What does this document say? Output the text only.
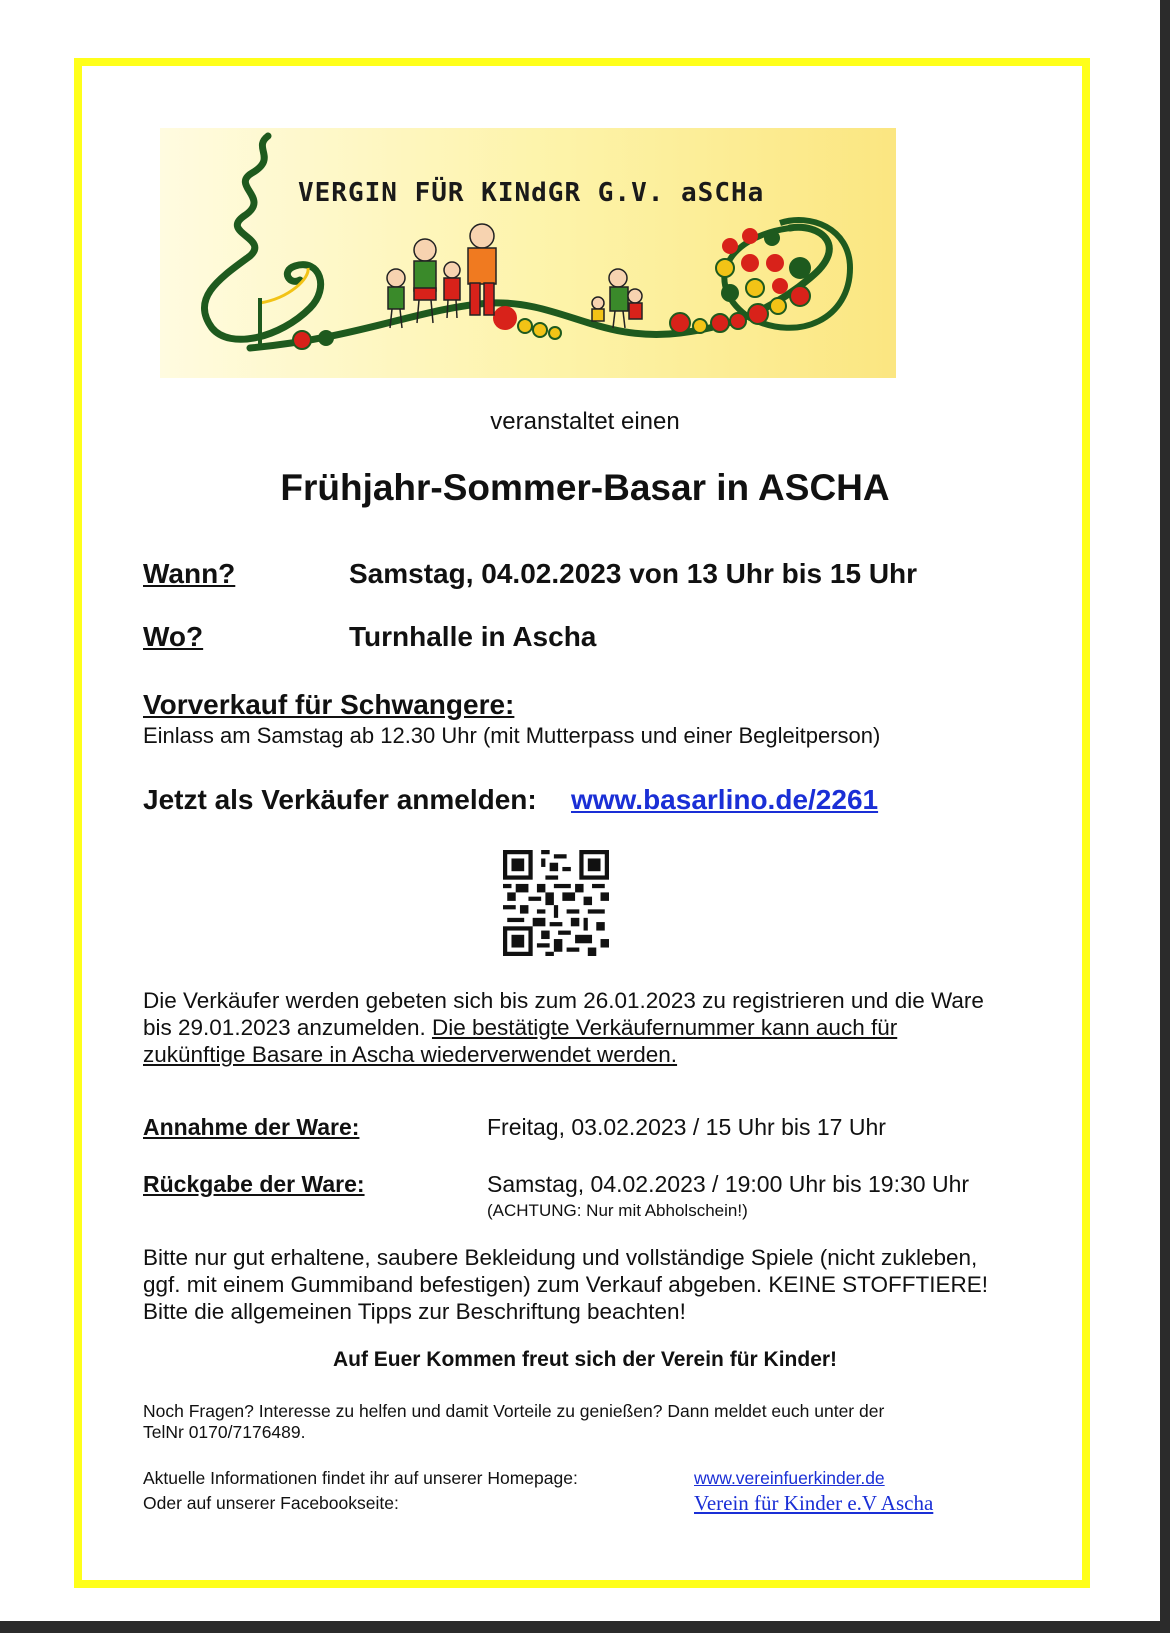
VERGIN FÜR KINdGR G.V. aSCHa
veranstaltet einen
Frühjahr-Sommer-Basar in ASCHA
Wann?	Samstag, 04.02.2023 von 13 Uhr bis 15 Uhr
Wo?	Turnhalle in Ascha
Vorverkauf für Schwangere:
Einlass am Samstag ab 12.30 Uhr (mit Mutterpass und einer Begleitperson)
Jetzt als Verkäufer anmelden: www.basarlino.de/2261
Die Verkäufer werden gebeten sich bis zum 26.01.2023 zu registrieren und die Ware
bis 29.01.2023 anzumelden. Die bestätigte Verkäufernummer kann auch für
zukünftige Basare in Ascha wiederverwendet werden.
Annahme der Ware:	Freitag, 03.02.2023 / 15 Uhr bis 17 Uhr
Rückgabe der Ware:	Samstag, 04.02.2023 / 19:00 Uhr bis 19:30 Uhr
(ACHTUNG: Nur mit Abholschein!)
Bitte nur gut erhaltene, saubere Bekleidung und vollständige Spiele (nicht zukleben,
ggf. mit einem Gummiband befestigen) zum Verkauf abgeben. KEINE STOFFTIERE!
Bitte die allgemeinen Tipps zur Beschriftung beachten!
Auf Euer Kommen freut sich der Verein für Kinder!
Noch Fragen? Interesse zu helfen und damit Vorteile zu genießen? Dann meldet euch unter der
TelNr 0170/7176489.
Aktuelle Informationen findet ihr auf unserer Homepage:	www.vereinfuerkinder.de
Oder auf unserer Facebookseite:	Verein für Kinder e.V Ascha
